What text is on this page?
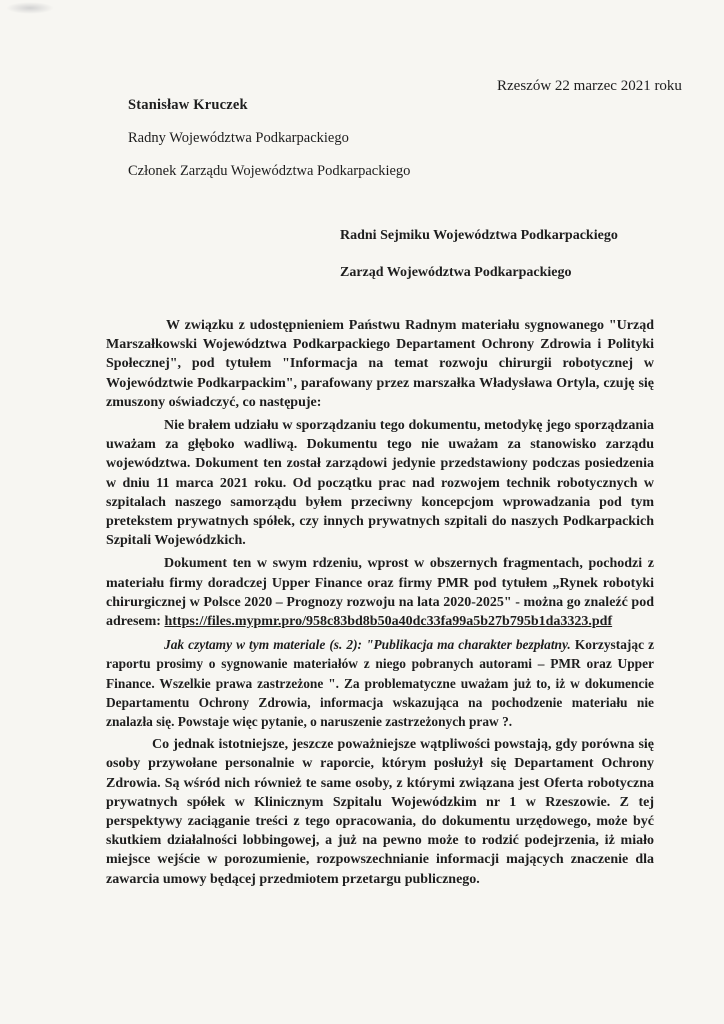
Rzeszów 22 marzec 2021 roku
Stanisław Kruczek
Radny Województwa Podkarpackiego
Członek Zarządu Województwa Podkarpackiego
Radni Sejmiku Województwa Podkarpackiego
Zarząd Województwa Podkarpackiego

W związku z udostępnieniem Państwu Radnym materiału sygnowanego "Urząd Marszałkowski Województwa Podkarpackiego Departament Ochrony Zdrowia i Polityki Społecznej", pod tytułem "Informacja na temat rozwoju chirurgii robotycznej w Województwie Podkarpackim", parafowany przez marszałka Władysława Ortyla, czuję się zmuszony oświadczyć, co następuje:

Nie brałem udziału w sporządzaniu tego dokumentu, metodykę jego sporządzania uważam za głęboko wadliwą. Dokumentu tego nie uważam za stanowisko zarządu województwa. Dokument ten został zarządowi jedynie przedstawiony podczas posiedzenia w dniu 11 marca 2021 roku. Od początku prac nad rozwojem technik robotycznych w szpitalach naszego samorządu byłem przeciwny koncepcjom wprowadzania pod tym pretekstem prywatnych spółek, czy innych prywatnych szpitali do naszych Podkarpackich Szpitali Wojewódzkich.

Dokument ten w swym rdzeniu, wprost w obszernych fragmentach, pochodzi z materiału firmy doradczej Upper Finance oraz firmy PMR pod tytułem „Rynek robotyki chirurgicznej w Polsce 2020 – Prognozy rozwoju na lata 2020-2025" - można go znaleźć pod adresem: https://files.mypmr.pro/958c83bd8b50a40dc33fa99a5b27b795b1da3323.pdf

Jak czytamy w tym materiale (s. 2): "Publikacja ma charakter bezpłatny. Korzystając z raportu prosimy o sygnowanie materiałów z niego pobranych autorami – PMR oraz Upper Finance. Wszelkie prawa zastrzeżone ". Za problematyczne uważam już to, iż w dokumencie Departamentu Ochrony Zdrowia, informacja wskazująca na pochodzenie materiału nie znalazła się. Powstaje więc pytanie, o naruszenie zastrzeżonych praw ?.

Co jednak istotniejsze, jeszcze poważniejsze wątpliwości powstają, gdy porówna się osoby przywołane personalnie w raporcie, którym posłużył się Departament Ochrony Zdrowia. Są wśród nich również te same osoby, z którymi związana jest Oferta robotyczna prywatnych spółek w Klinicznym Szpitalu Wojewódzkim nr 1 w Rzeszowie. Z tej perspektywy zaciąganie treści z tego opracowania, do dokumentu urzędowego, może być skutkiem działalności lobbingowej, a już na pewno może to rodzić podejrzenia, iż miało miejsce wejście w porozumienie, rozpowszechnianie informacji mających znaczenie dla zawarcia umowy będącej przedmiotem przetargu publicznego.
